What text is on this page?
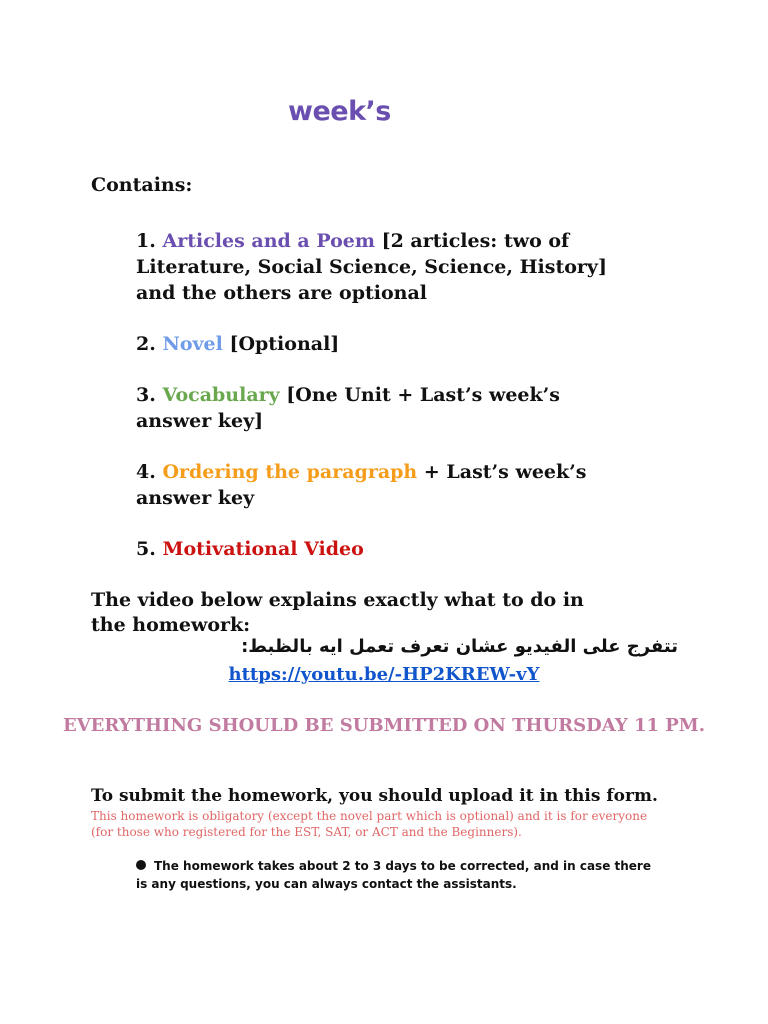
week’s
Contains:
1. Articles and a Poem [2 articles: two of Literature, Social Science, Science, History] and the others are optional
2. Novel [Optional]
3. Vocabulary [One Unit + Last’s week’s answer key]
4. Ordering the paragraph + Last’s week’s answer key
5. Motivational Video
The video below explains exactly what to do in the homework:
تتفرج على الفيديو عشان تعرف تعمل ايه بالظبط:
https://youtu.be/-HP2KREW-vY
EVERYTHING SHOULD BE SUBMITTED ON THURSDAY 11 PM.
To submit the homework, you should upload it in this form.
This homework is obligatory (except the novel part which is optional) and it is for everyone (for those who registered for the EST, SAT, or ACT and the Beginners).
The homework takes about 2 to 3 days to be corrected, and in case there is any questions, you can always contact the assistants.
